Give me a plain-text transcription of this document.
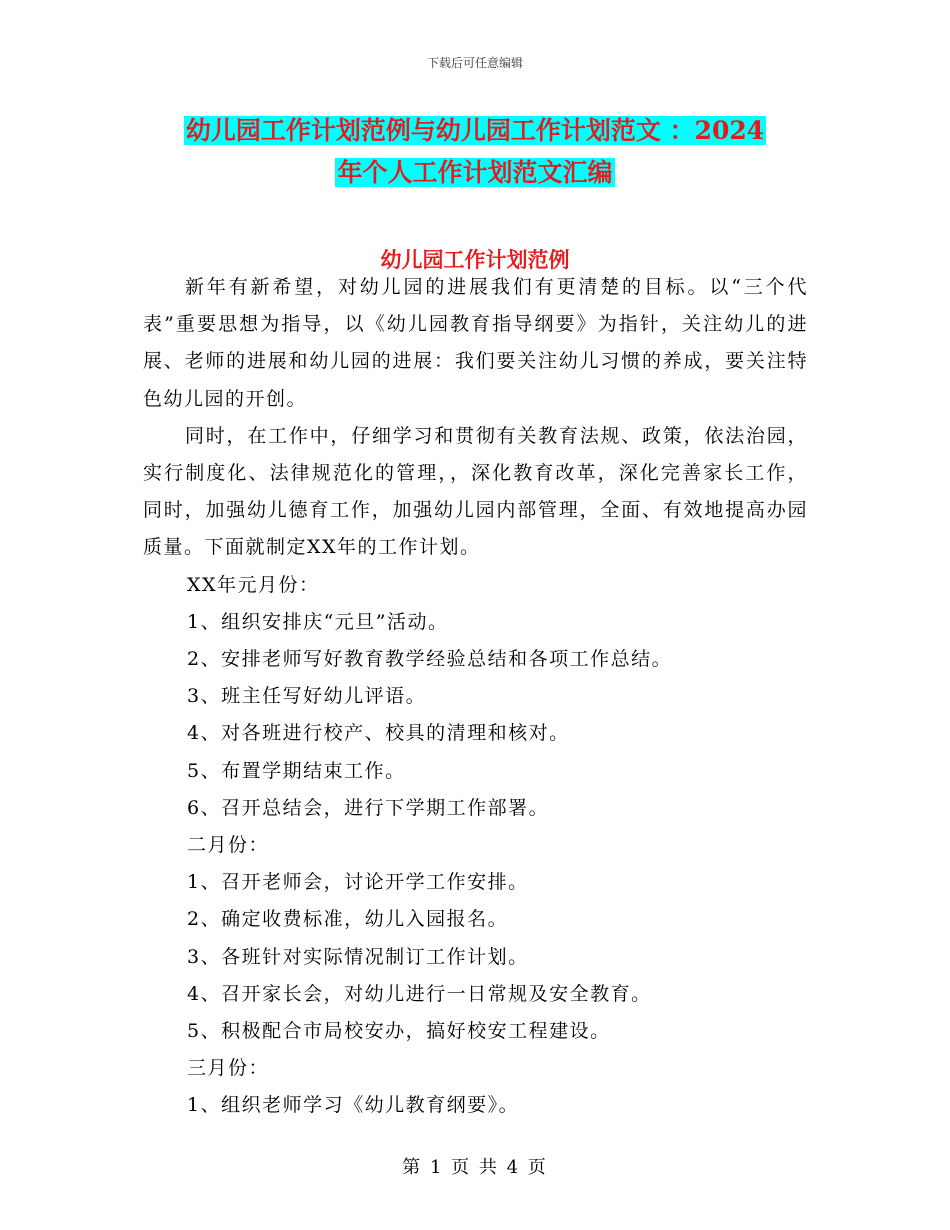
下载后可任意编辑
幼儿园工作计划范例与幼儿园工作计划范文 ：2024
年个人工作计划范文汇编
幼儿园工作计划范例

新年有新希望，对幼儿园的进展我们有更清楚的目标。以“三个代表”重要思想为指导，以《幼儿园教育指导纲要》为指针，关注幼儿的进展、老师的进展和幼儿园的进展：我们要关注幼儿习惯的养成，要关注特色幼儿园的开创。

同时，在工作中，仔细学习和贯彻有关教育法规、政策，依法治园，实行制度化、法律规范化的管理，，深化教育改革，深化完善家长工作，同时，加强幼儿德育工作，加强幼儿园内部管理，全面、有效地提高办园质量。下面就制定XX年的工作计划。

XX年元月份：

1、组织安排庆“元旦”活动。

2、安排老师写好教育教学经验总结和各项工作总结。

3、班主任写好幼儿评语。

4、对各班进行校产、校具的清理和核对。

5、布置学期结束工作。

6、召开总结会，进行下学期工作部署。

二月份：

1、召开老师会，讨论开学工作安排。

2、确定收费标准，幼儿入园报名。

3、各班针对实际情况制订工作计划。

4、召开家长会，对幼儿进行一日常规及安全教育。

5、积极配合市局校安办，搞好校安工程建设。

三月份：

1、组织老师学习《幼儿教育纲要》。

第 1 页 共 4 页
